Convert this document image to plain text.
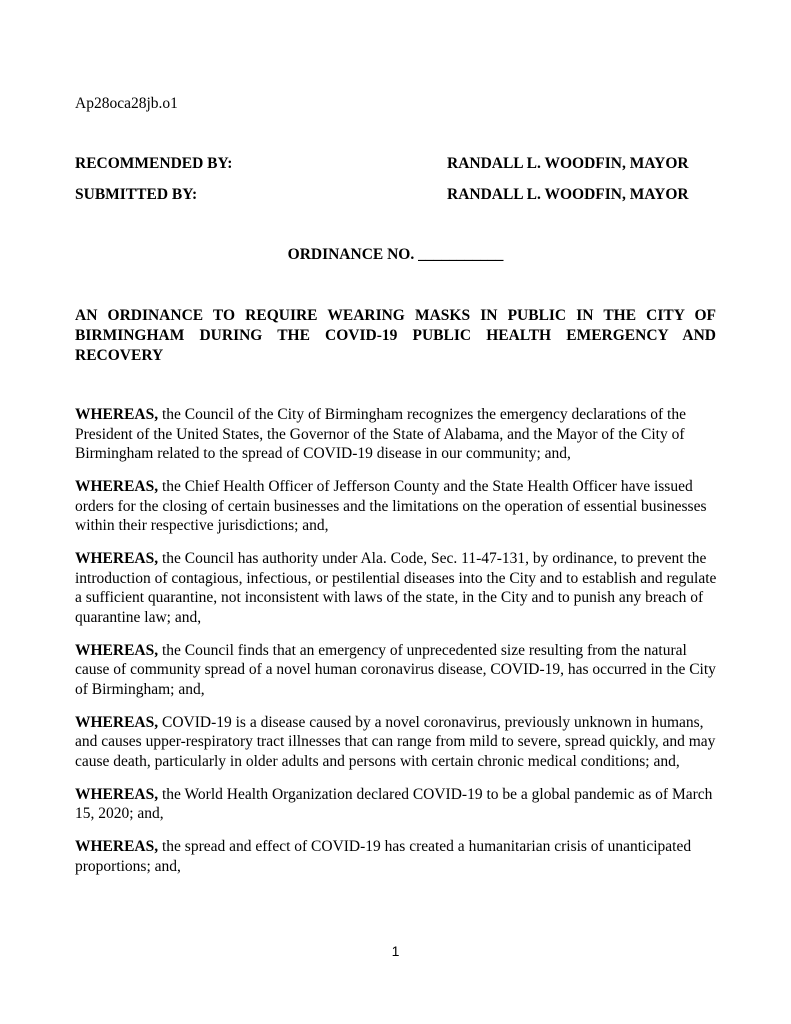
Ap28oca28jb.o1
RECOMMENDED BY:	RANDALL L. WOODFIN, MAYOR
SUBMITTED BY:	RANDALL L. WOODFIN, MAYOR
ORDINANCE NO. ___________
AN ORDINANCE TO REQUIRE WEARING MASKS IN PUBLIC IN THE CITY OF BIRMINGHAM DURING THE COVID-19 PUBLIC HEALTH EMERGENCY AND RECOVERY

WHEREAS, the Council of the City of Birmingham recognizes the emergency declarations of the President of the United States, the Governor of the State of Alabama, and the Mayor of the City of Birmingham related to the spread of COVID-19 disease in our community; and,

WHEREAS, the Chief Health Officer of Jefferson County and the State Health Officer have issued orders for the closing of certain businesses and the limitations on the operation of essential businesses within their respective jurisdictions; and,

WHEREAS, the Council has authority under Ala. Code, Sec. 11-47-131, by ordinance, to prevent the introduction of contagious, infectious, or pestilential diseases into the City and to establish and regulate a sufficient quarantine, not inconsistent with laws of the state, in the City and to punish any breach of quarantine law; and,

WHEREAS, the Council finds that an emergency of unprecedented size resulting from the natural cause of community spread of a novel human coronavirus disease, COVID-19, has occurred in the City of Birmingham; and,

WHEREAS, COVID-19 is a disease caused by a novel coronavirus, previously unknown in humans, and causes upper-respiratory tract illnesses that can range from mild to severe, spread quickly, and may cause death, particularly in older adults and persons with certain chronic medical conditions; and,

WHEREAS, the World Health Organization declared COVID-19 to be a global pandemic as of March 15, 2020; and,

WHEREAS, the spread and effect of COVID-19 has created a humanitarian crisis of unanticipated proportions; and,

1
